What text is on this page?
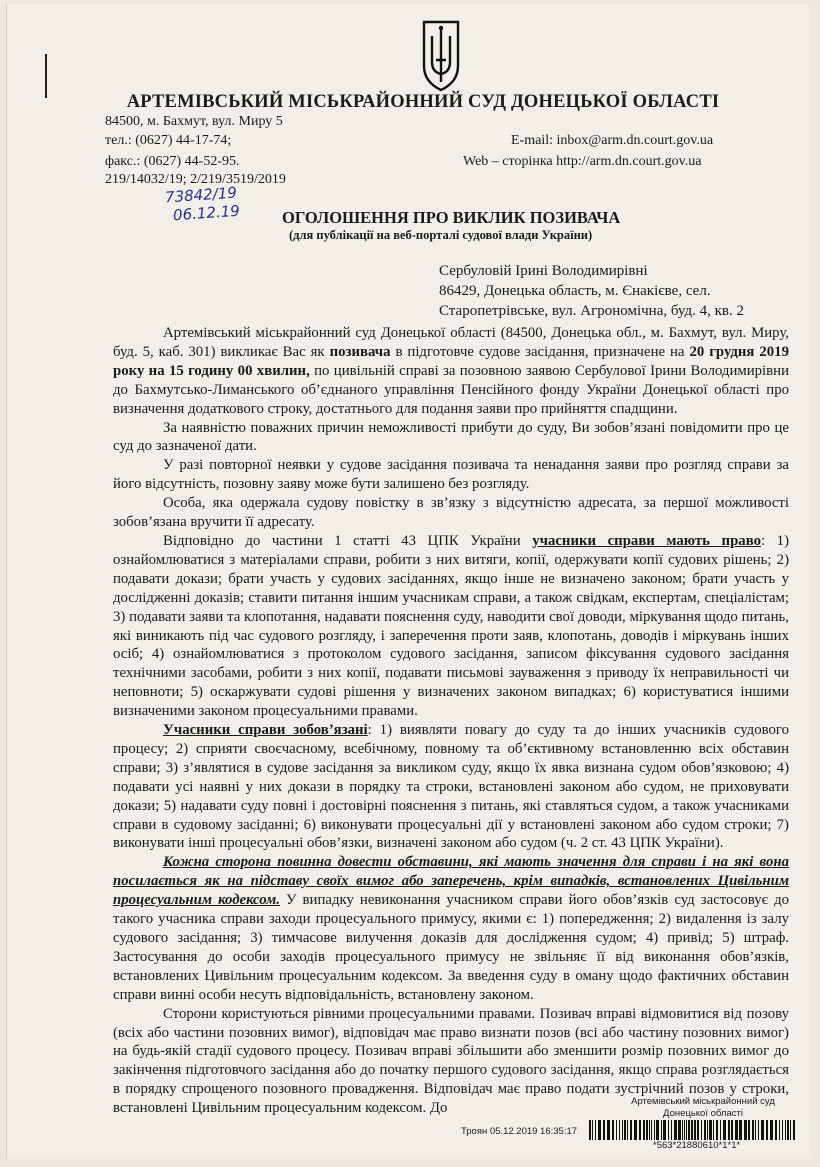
АРТЕМІВСЬКИЙ МІСЬКРАЙОННИЙ СУД ДОНЕЦЬКОЇ ОБЛАСТІ
84500, м. Бахмут, вул. Миру 5
тел.: (0627) 44-17-74;	E-mail: inbox@arm.dn.court.gov.ua
факс.: (0627) 44-52-95.	Web – сторінка http://arm.dn.court.gov.ua
219/14032/19; 2/219/3519/2019
73842/19
06.12.19	ОГОЛОШЕННЯ ПРО ВИКЛИК ПОЗИВАЧА
(для публікації на веб-порталі судової влади України)
Сербуловій Ірині Володимирівні
86429, Донецька область, м. Єнакієве, сел.
Старопетрівське, вул. Агрономічна, буд. 4, кв. 2

Артемівський міськрайонний суд Донецької області (84500, Донецька обл., м. Бахмут, вул. Миру, буд. 5, каб. 301) викликає Вас як позивача в підготовче судове засідання, призначене на 20 грудня 2019 року на 15 годину 00 хвилин, по цивільній справі за позовною заявою Сербулової Ірини Володимирівни до Бахмутсько-Лиманського об’єднаного управління Пенсійного фонду України Донецької області про визначення додаткового строку, достатнього для подання заяви про прийняття спадщини.

За наявністю поважних причин неможливості прибути до суду, Ви зобов’язані повідомити про це суд до зазначеної дати.

У разі повторної неявки у судове засідання позивача та ненадання заяви про розгляд справи за його відсутність, позовну заяву може бути залишено без розгляду.

Особа, яка одержала судову повістку в зв’язку з відсутністю адресата, за першої можливості зобов’язана вручити її адресату.

Відповідно до частини 1 статті 43 ЦПК України учасники справи мають право: 1) ознайомлюватися з матеріалами справи, робити з них витяги, копії, одержувати копії судових рішень; 2) подавати докази; брати участь у судових засіданнях, якщо інше не визначено законом; брати участь у дослідженні доказів; ставити питання іншим учасникам справи, а також свідкам, експертам, спеціалістам; 3) подавати заяви та клопотання, надавати пояснення суду, наводити свої доводи, міркування щодо питань, які виникають під час судового розгляду, і заперечення проти заяв, клопотань, доводів і міркувань інших осіб; 4) ознайомлюватися з протоколом судового засідання, записом фіксування судового засідання технічними засобами, робити з них копії, подавати письмові зауваження з приводу їх неправильності чи неповноти; 5) оскаржувати судові рішення у визначених законом випадках; 6) користуватися іншими визначеними законом процесуальними правами.

Учасники справи зобов’язані: 1) виявляти повагу до суду та до інших учасників судового процесу; 2) сприяти своєчасному, всебічному, повному та об’єктивному встановленню всіх обставин справи; 3) з’являтися в судове засідання за викликом суду, якщо їх явка визнана судом обов’язковою; 4) подавати усі наявні у них докази в порядку та строки, встановлені законом або судом, не приховувати докази; 5) надавати суду повні і достовірні пояснення з питань, які ставляться судом, а також учасниками справи в судовому засіданні; 6) виконувати процесуальні дії у встановлені законом або судом строки; 7) виконувати інші процесуальні обов’язки, визначені законом або судом (ч. 2 ст. 43 ЦПК України).

Кожна сторона повинна довести обставини, які мають значення для справи і на які вона посилається як на підставу своїх вимог або заперечень, крім випадків, встановлених Цивільним процесуальним кодексом. У випадку невиконання учасником справи його обов’язків суд застосовує до такого учасника справи заходи процесуального примусу, якими є: 1) попередження; 2) видалення із залу судового засідання; 3) тимчасове вилучення доказів для дослідження судом; 4) привід; 5) штраф. Застосування до особи заходів процесуального примусу не звільняє її від виконання обов’язків, встановлених Цивільним процесуальним кодексом. За введення суду в оману щодо фактичних обставин справи винні особи несуть відповідальність, встановлену законом.

Сторони користуються рівними процесуальними правами. Позивач вправі відмовитися від позову (всіх або частини позовних вимог), відповідач має право визнати позов (всі або частину позовних вимог) на будь-якій стадії судового процесу. Позивач вправі збільшити або зменшити розмір позовних вимог до закінчення підготовчого засідання або до початку першого судового засідання, якщо справа розглядається в порядку спрощеного позовного провадження. Відповідач має право подати зустрічний позов у строки, встановлені Цивільним процесуальним кодексом. До	Артемівський міськрайонний суд
Донецької області
Троян 05.12.2019 16:35:17
*563*21880610*1*1*
